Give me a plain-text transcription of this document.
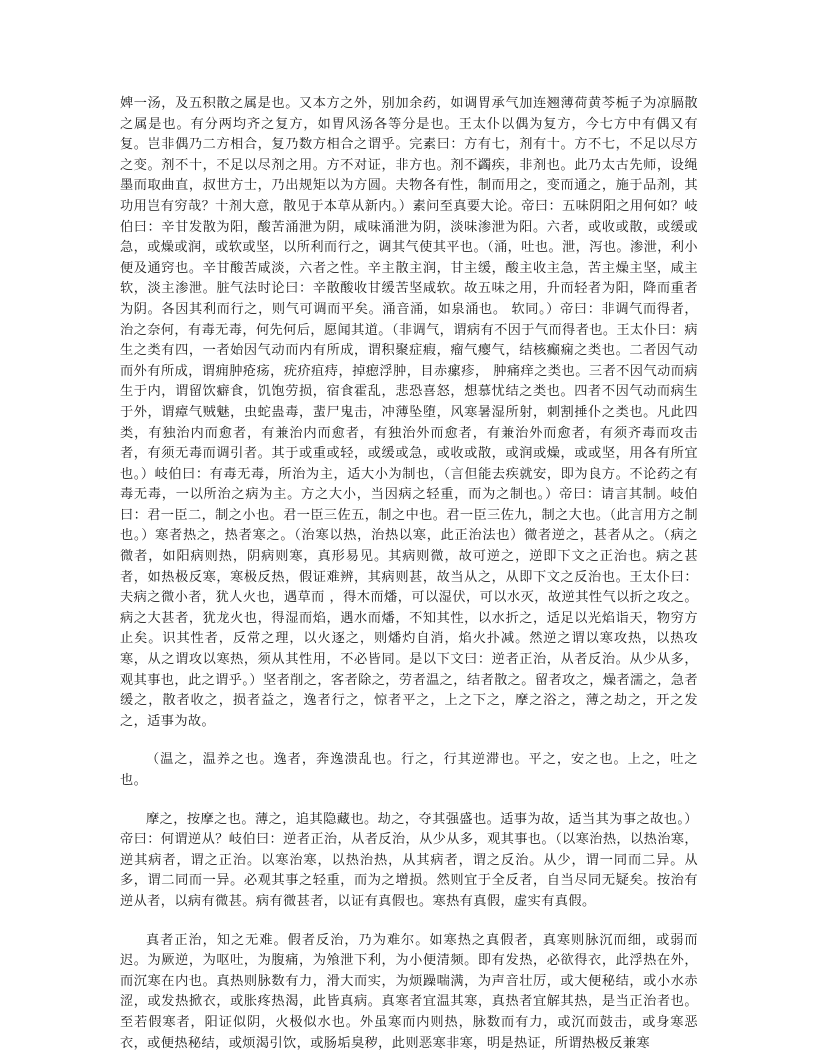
婢一汤，及五积散之属是也。又本方之外，别加余药，如调胃承气加连翘薄荷黄芩栀子为凉膈散之属是也。有分两均齐之复方，如胃风汤各等分是也。王太仆以偶为复方，今七方中有偶又有复。岂非偶乃二方相合，复乃数方相合之谓乎。完素曰：方有七，剂有十。方不七，不足以尽方之变。剂不十，不足以尽剂之用。方不对证，非方也。剂不蠲疾，非剂也。此乃太古先师，设绳墨而取曲直，叔世方士，乃出规矩以为方圆。夫物各有性，制而用之，变而通之，施于品剂，其功用岂有穷哉？十剂大意，散见于本草从新内。）素问至真要大论。帝曰：五味阴阳之用何如？岐伯曰：辛甘发散为阳，酸苦涌泄为阴，咸味涌泄为阴，淡味渗泄为阳。六者，或收或散，或缓或急，或燥或润，或软或坚，以所利而行之，调其气使其平也。（涌，吐也。泄，泻也。渗泄，利小便及通窍也。辛甘酸苦咸淡，六者之性。辛主散主润，甘主缓，酸主收主急，苦主燥主坚，咸主软，淡主渗泄。脏气法时论曰：辛散酸收甘缓苦坚咸软。故五味之用，升而轻者为阳，降而重者为阴。各因其利而行之，则气可调而平矣。涌音涌，如泉涌也。 软同。）帝曰：非调气而得者，治之奈何，有毒无毒，何先何后，愿闻其道。（非调气，谓病有不因于气而得者也。王太仆曰：病生之类有四，一者始因气动而内有所成，谓积聚症瘕，瘤气瘿气，结核癫痫之类也。二者因气动而外有所成，谓痈肿疮疡，疣疥疽痔，掉瘛浮肿，目赤瘰疹， 肿痛痒之类也。三者不因气动而病生于内，谓留饮癖食，饥饱劳损，宿食霍乱，悲恐喜怒，想慕忧结之类也。四者不因气动而病生于外，谓瘴气贼魅，虫蛇蛊毒，蜚尸鬼击，冲薄坠堕，风寒暑湿所射，刺割捶仆之类也。凡此四类，有独治内而愈者，有兼治内而愈者，有独治外而愈者，有兼治外而愈者，有须齐毒而攻击者，有须无毒而调引者。其于或重或轻，或缓或急，或收或散，或润或燥，或或坚，用各有所宜也。）岐伯曰：有毒无毒，所治为主，适大小为制也，（言但能去疾就安，即为良方。不论药之有毒无毒，一以所治之病为主。方之大小，当因病之轻重，而为之制也。）帝曰：请言其制。岐伯曰：君一臣二，制之小也。君一臣三佐五，制之中也。君一臣三佐九，制之大也。（此言用方之制也。）寒者热之，热者寒之。（治寒以热，治热以寒，此正治法也）微者逆之，甚者从之。（病之微者，如阳病则热，阴病则寒，真形易见。其病则微，故可逆之，逆即下文之正治也。病之甚者，如热极反寒，寒极反热，假证难辨，其病则甚，故当从之，从即下文之反治也。王太仆曰：夫病之微小者，犹人火也，遇草而 ，得木而燔，可以湿伏，可以水灭，故逆其性气以折之攻之。病之大甚者，犹龙火也，得湿而焰，遇水而燔，不知其性，以水折之，适足以光焰诣天，物穷方止矣。识其性者，反常之理，以火逐之，则燔灼自消，焰火扑减。然逆之谓以寒攻热，以热攻寒，从之谓攻以寒热，须从其性用，不必皆同。是以下文曰：逆者正治，从者反治。从少从多，观其事也，此之谓乎。）坚者削之，客者除之，劳者温之，结者散之。留者攻之，燥者濡之，急者缓之，散者收之，损者益之，逸者行之，惊者平之，上之下之，摩之浴之，薄之劫之，开之发之，适事为故。

（温之，温养之也。逸者，奔逸溃乱也。行之，行其逆滞也。平之，安之也。上之，吐之也。

摩之，按摩之也。薄之，追其隐藏也。劫之，夺其强盛也。适事为故，适当其为事之故也。）帝曰：何谓逆从？岐伯曰：逆者正治，从者反治，从少从多，观其事也。（以寒治热，以热治寒，逆其病者，谓之正治。以寒治寒，以热治热，从其病者，谓之反治。从少，谓一同而二异。从多，谓二同而一异。必观其事之轻重，而为之增损。然则宜于全反者，自当尽同无疑矣。按治有逆从者，以病有微甚。病有微甚者，以证有真假也。寒热有真假，虚实有真假。

真者正治，知之无难。假者反治，乃为难尔。如寒热之真假者，真寒则脉沉而细，或弱而迟。为厥逆，为呕吐，为腹痛，为飧泄下利，为小便清频。即有发热，必欲得衣，此浮热在外，而沉寒在内也。真热则脉数有力，滑大而实，为烦躁喘满，为声音壮厉，或大便秘结，或小水赤涩，或发热掀衣，或胀疼热渴，此皆真病。真寒者宜温其寒，真热者宜解其热，是当正治者也。至若假寒者，阳证似阴，火极似水也。外虽寒而内则热，脉数而有力，或沉而鼓击，或身寒恶衣，或便热秘结，或烦渴引饮，或肠垢臭秽，此则恶寒非寒，明是热证，所谓热极反兼寒
